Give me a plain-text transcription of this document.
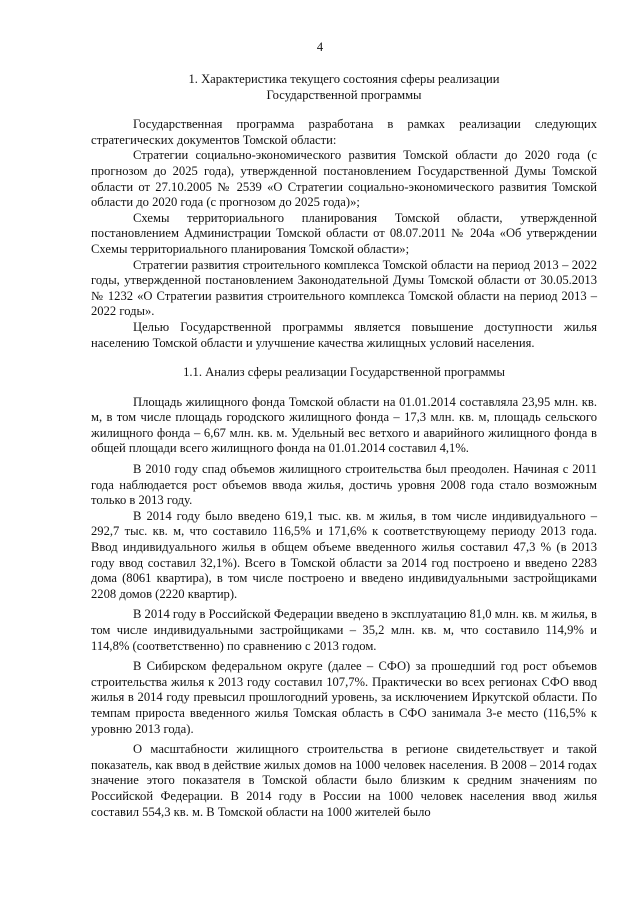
4

1. Характеристика текущего состояния сферы реализации

Государственной программы

Государственная программа разработана в рамках реализации следующих стратегических документов Томской области:

Стратегии социально-экономического развития Томской области до 2020 года (с прогнозом до 2025 года), утвержденной постановлением Государственной Думы Томской области от 27.10.2005 № 2539 «О Стратегии социально-экономического развития Томской области до 2020 года (с прогнозом до 2025 года)»;

Схемы территориального планирования Томской области, утвержденной постановлением Администрации Томской области от 08.07.2011 № 204а «Об утверждении Схемы территориального планирования Томской области»;

Стратегии развития строительного комплекса Томской области на период 2013 – 2022 годы, утвержденной постановлением Законодательной Думы Томской области от 30.05.2013 № 1232 «О Стратегии развития строительного комплекса Томской области на период 2013 – 2022 годы».

Целью Государственной программы является повышение доступности жилья населению Томской области и улучшение качества жилищных условий населения.

1.1. Анализ сферы реализации Государственной программы

Площадь жилищного фонда Томской области на 01.01.2014 составляла 23,95 млн. кв. м, в том числе площадь городского жилищного фонда – 17,3 млн. кв. м, площадь сельского жилищного фонда – 6,67 млн. кв. м. Удельный вес ветхого и аварийного жилищного фонда в общей площади всего жилищного фонда на 01.01.2014 составил 4,1%.

В 2010 году спад объемов жилищного строительства был преодолен. Начиная с 2011 года наблюдается рост объемов ввода жилья, достичь уровня 2008 года стало возможным только в 2013 году.

В 2014 году было введено 619,1 тыс. кв. м жилья, в том числе индивидуального – 292,7 тыс. кв. м, что составило 116,5% и 171,6% к соответствующему периоду 2013 года. Ввод индивидуального жилья в общем объеме введенного жилья составил 47,3 % (в 2013 году ввод составил 32,1%). Всего в Томской области за 2014 год построено и введено 2283 дома (8061 квартира), в том числе построено и введено индивидуальными застройщиками 2208 домов (2220 квартир).

В 2014 году в Российской Федерации введено в эксплуатацию 81,0 млн. кв. м жилья, в том числе индивидуальными застройщиками – 35,2 млн. кв. м, что составило 114,9% и 114,8% (соответственно) по сравнению с 2013 годом.

В Сибирском федеральном округе (далее – СФО) за прошедший год рост объемов строительства жилья к 2013 году составил 107,7%. Практически во всех регионах СФО ввод жилья в 2014 году превысил прошлогодний уровень, за исключением Иркутской области. По темпам прироста введенного жилья Томская область в СФО занимала 3-е место (116,5% к уровню 2013 года).

О масштабности жилищного строительства в регионе свидетельствует и такой показатель, как ввод в действие жилых домов на 1000 человек населения. В 2008 – 2014 годах значение этого показателя в Томской области было близким к средним значениям по Российской Федерации. В 2014 году в России на 1000 человек населения ввод жилья составил 554,3 кв. м. В Томской области на 1000 жителей было
